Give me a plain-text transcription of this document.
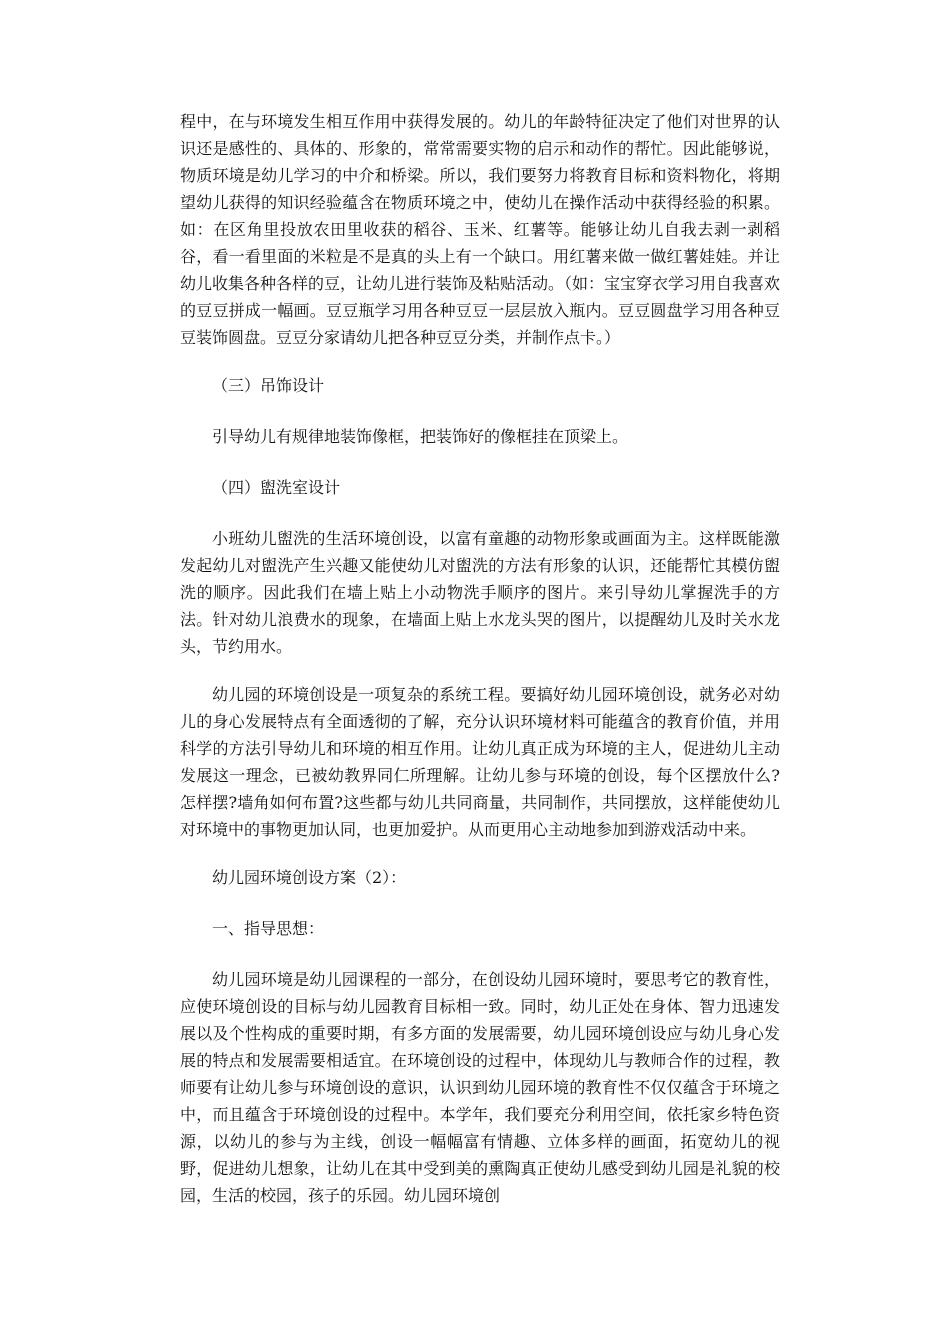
程中，在与环境发生相互作用中获得发展的。幼儿的年龄特征决定了他们对世界的认识还是感性的、具体的、形象的，常常需要实物的启示和动作的帮忙。因此能够说，物质环境是幼儿学习的中介和桥梁。所以，我们要努力将教育目标和资料物化，将期望幼儿获得的知识经验蕴含在物质环境之中，使幼儿在操作活动中获得经验的积累。如：在区角里投放农田里收获的稻谷、玉米、红薯等。能够让幼儿自我去剥一剥稻谷，看一看里面的米粒是不是真的头上有一个缺口。用红薯来做一做红薯娃娃。并让幼儿收集各种各样的豆，让幼儿进行装饰及粘贴活动。（如：宝宝穿衣学习用自我喜欢的豆豆拼成一幅画。豆豆瓶学习用各种豆豆一层层放入瓶内。豆豆圆盘学习用各种豆豆装饰圆盘。豆豆分家请幼儿把各种豆豆分类，并制作点卡。）

（三）吊饰设计

引导幼儿有规律地装饰像框，把装饰好的像框挂在顶梁上。

（四）盥洗室设计

小班幼儿盥洗的生活环境创设，以富有童趣的动物形象或画面为主。这样既能激发起幼儿对盥洗产生兴趣又能使幼儿对盥洗的方法有形象的认识，还能帮忙其模仿盥洗的顺序。因此我们在墙上贴上小动物洗手顺序的图片。来引导幼儿掌握洗手的方法。针对幼儿浪费水的现象，在墙面上贴上水龙头哭的图片，以提醒幼儿及时关水龙头，节约用水。

幼儿园的环境创设是一项复杂的系统工程。要搞好幼儿园环境创设，就务必对幼儿的身心发展特点有全面透彻的了解，充分认识环境材料可能蕴含的教育价值，并用科学的方法引导幼儿和环境的相互作用。让幼儿真正成为环境的主人，促进幼儿主动发展这一理念，已被幼教界同仁所理解。让幼儿参与环境的创设，每个区摆放什么?怎样摆?墙角如何布置?这些都与幼儿共同商量，共同制作，共同摆放，这样能使幼儿对环境中的事物更加认同，也更加爱护。从而更用心主动地参加到游戏活动中来。

幼儿园环境创设方案（2）：

一、指导思想：

幼儿园环境是幼儿园课程的一部分，在创设幼儿园环境时，要思考它的教育性，应使环境创设的目标与幼儿园教育目标相一致。同时，幼儿正处在身体、智力迅速发展以及个性构成的重要时期，有多方面的发展需要，幼儿园环境创设应与幼儿身心发展的特点和发展需要相适宜。在环境创设的过程中，体现幼儿与教师合作的过程，教师要有让幼儿参与环境创设的意识，认识到幼儿园环境的教育性不仅仅蕴含于环境之中，而且蕴含于环境创设的过程中。本学年，我们要充分利用空间，依托家乡特色资源，以幼儿的参与为主线，创设一幅幅富有情趣、立体多样的画面，拓宽幼儿的视野，促进幼儿想象，让幼儿在其中受到美的熏陶真正使幼儿感受到幼儿园是礼貌的校园，生活的校园，孩子的乐园。幼儿园环境创
